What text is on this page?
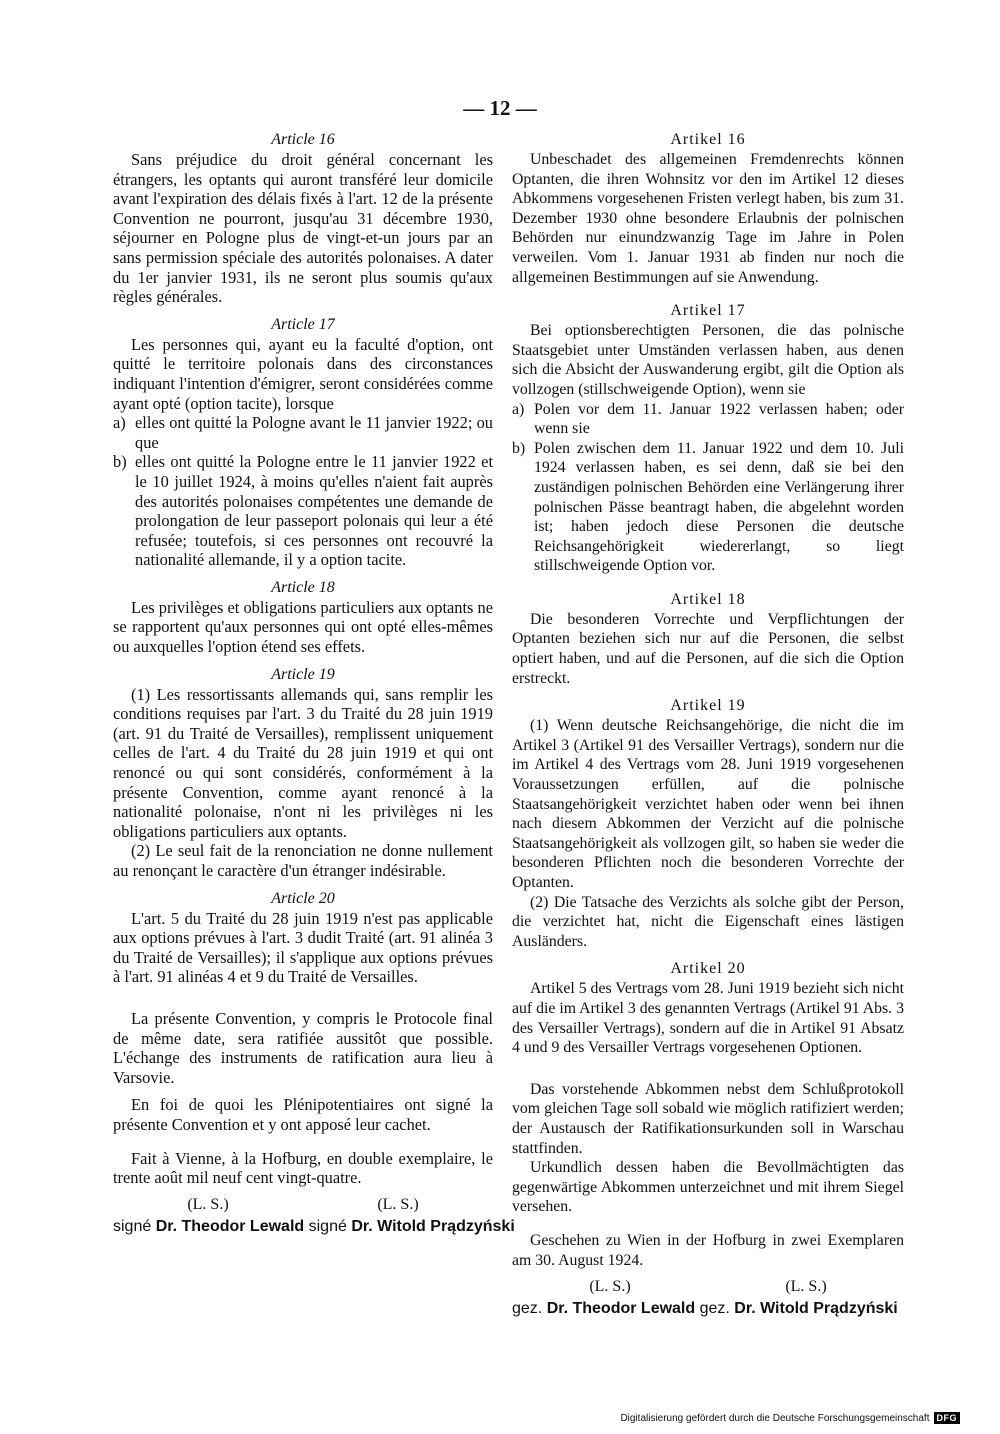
— 12 —
Article 16

Sans préjudice du droit général concernant les étrangers, les optants qui auront transféré leur domicile avant l'expiration des délais fixés à l'art. 12 de la présente Convention ne pourront, jusqu'au 31 décembre 1930, séjourner en Pologne plus de vingt-et-un jours par an sans permission spéciale des autorités polonaises. A dater du 1er janvier 1931, ils ne seront plus soumis qu'aux règles générales.

Article 17

Les personnes qui, ayant eu la faculté d'option, ont quitté le territoire polonais dans des circonstances indiquant l'intention d'émigrer, seront considérées comme ayant opté (option tacite), lorsque

a) elles ont quitté la Pologne avant le 11 janvier 1922; ou que
b) elles ont quitté la Pologne entre le 11 janvier 1922 et le 10 juillet 1924, à moins qu'elles n'aient fait auprès des autorités polonaises compétentes une demande de prolongation de leur passeport polonais qui leur a été refusée; toutefois, si ces personnes ont recouvré la nationalité allemande, il y a option tacite.
Article 18

Les privilèges et obligations particuliers aux optants ne se rapportent qu'aux personnes qui ont opté elles-mêmes ou auxquelles l'option étend ses effets.

Article 19

(1) Les ressortissants allemands qui, sans remplir les conditions requises par l'art. 3 du Traité du 28 juin 1919 (art. 91 du Traité de Versailles), remplissent uniquement celles de l'art. 4 du Traité du 28 juin 1919 et qui ont renoncé ou qui sont considérés, conformément à la présente Convention, comme ayant renoncé à la nationalité polonaise, n'ont ni les privilèges ni les obligations particuliers aux optants.

(2) Le seul fait de la renonciation ne donne nullement au renonçant le caractère d'un étranger indésirable.

Article 20

L'art. 5 du Traité du 28 juin 1919 n'est pas applicable aux options prévues à l'art. 3 dudit Traité (art. 91 alinéa 3 du Traité de Versailles); il s'applique aux options prévues à l'art. 91 alinéas 4 et 9 du Traité de Versailles.

La présente Convention, y compris le Protocole final de même date, sera ratifiée aussitôt que possible. L'échange des instruments de ratification aura lieu à Varsovie.

En foi de quoi les Plénipotentiaires ont signé la présente Convention et y ont apposé leur cachet.

Fait à Vienne, à la Hofburg, en double exemplaire, le trente août mil neuf cent vingt-quatre.

(L. S.)	(L. S.)
signé Dr. Theodor Lewald signé Dr. Witold Prądzyński
Artikel 16

Unbeschadet des allgemeinen Fremdenrechts können Optanten, die ihren Wohnsitz vor den im Artikel 12 dieses Abkommens vorgesehenen Fristen verlegt haben, bis zum 31. Dezember 1930 ohne besondere Erlaubnis der polnischen Behörden nur einundzwanzig Tage im Jahre in Polen verweilen. Vom 1. Januar 1931 ab finden nur noch die allgemeinen Bestimmungen auf sie Anwendung.

Artikel 17

Bei optionsberechtigten Personen, die das polnische Staatsgebiet unter Umständen verlassen haben, aus denen sich die Absicht der Auswanderung ergibt, gilt die Option als vollzogen (stillschweigende Option), wenn sie

a) Polen vor dem 11. Januar 1922 verlassen haben; oder wenn sie
b) Polen zwischen dem 11. Januar 1922 und dem 10. Juli 1924 verlassen haben, es sei denn, daß sie bei den zuständigen polnischen Behörden eine Verlängerung ihrer polnischen Pässe beantragt haben, die abgelehnt worden ist; haben jedoch diese Personen die deutsche Reichsangehörigkeit wiedererlangt, so liegt stillschweigende Option vor.
Artikel 18

Die besonderen Vorrechte und Verpflichtungen der Optanten beziehen sich nur auf die Personen, die selbst optiert haben, und auf die Personen, auf die sich die Option erstreckt.

Artikel 19

(1) Wenn deutsche Reichsangehörige, die nicht die im Artikel 3 (Artikel 91 des Versailler Vertrags), sondern nur die im Artikel 4 des Vertrags vom 28. Juni 1919 vorgesehenen Voraussetzungen erfüllen, auf die polnische Staatsangehörigkeit verzichtet haben oder wenn bei ihnen nach diesem Abkommen der Verzicht auf die polnische Staatsangehörigkeit als vollzogen gilt, so haben sie weder die besonderen Pflichten noch die besonderen Vorrechte der Optanten.

(2) Die Tatsache des Verzichts als solche gibt der Person, die verzichtet hat, nicht die Eigenschaft eines lästigen Ausländers.

Artikel 20

Artikel 5 des Vertrags vom 28. Juni 1919 bezieht sich nicht auf die im Artikel 3 des genannten Vertrags (Artikel 91 Abs. 3 des Versailler Vertrags), sondern auf die in Artikel 91 Absatz 4 und 9 des Versailler Vertrags vorgesehenen Optionen.

Das vorstehende Abkommen nebst dem Schlußprotokoll vom gleichen Tage soll sobald wie möglich ratifiziert werden; der Austausch der Ratifikationsurkunden soll in Warschau stattfinden.

Urkundlich dessen haben die Bevollmächtigten das gegenwärtige Abkommen unterzeichnet und mit ihrem Siegel versehen.

Geschehen zu Wien in der Hofburg in zwei Exemplaren am 30. August 1924.

(L. S.)	(L. S.)
gez. Dr. Theodor Lewald gez. Dr. Witold Prądzyński
Digitalisierung gefördert durch die Deutsche Forschungsgemeinschaft DFG
